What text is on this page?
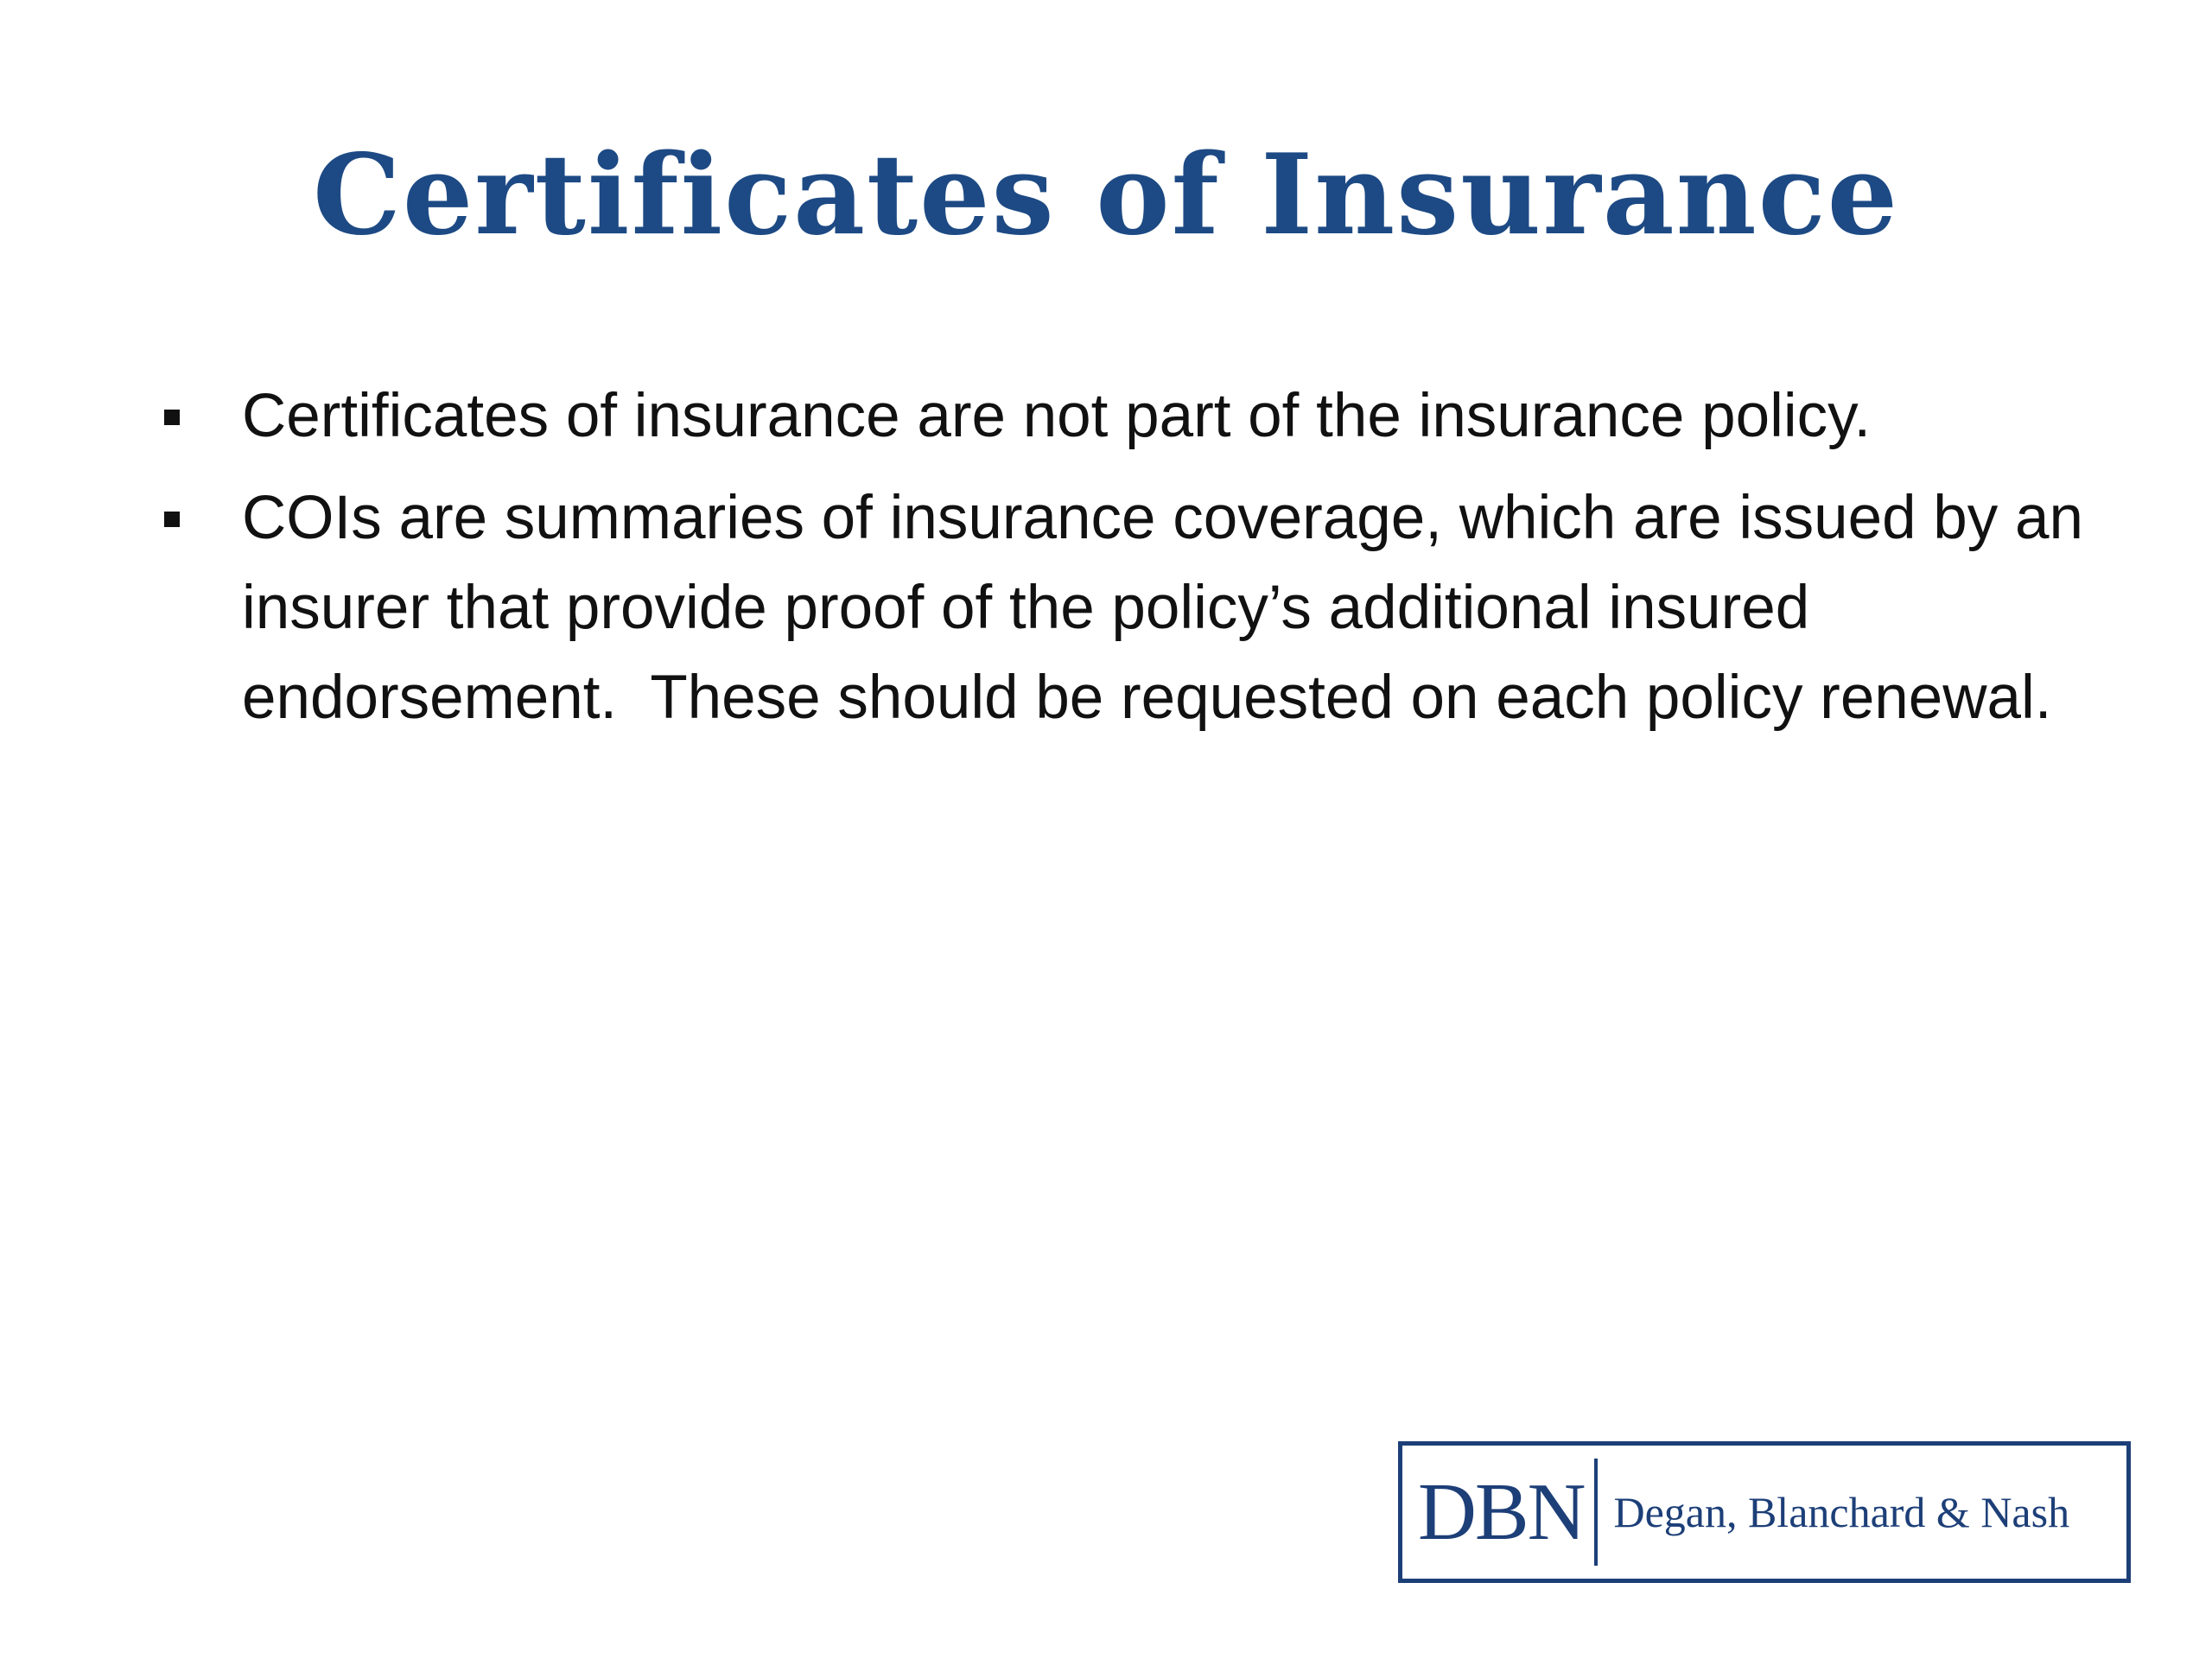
Certificates of Insurance
Certificates of insurance are not part of the insurance policy.
COIs are summaries of insurance coverage, which are issued by an insurer that provide proof of the policy’s additional insured endorsement.  These should be requested on each policy renewal.
DBN Degan, Blanchard & Nash
